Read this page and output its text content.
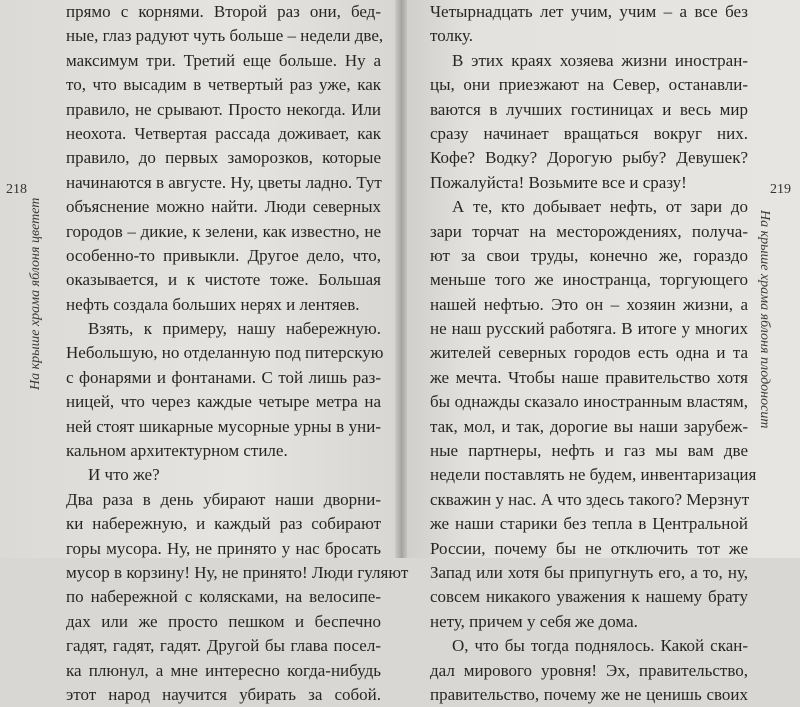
218
На крыше храма яблоня цветет
прямо с корнями. Второй раз они, бед-
ные, глаз радуют чуть больше – недели две,
максимум три. Третий еще больше. Ну а
то, что высадим в четвертый раз уже, как
правило, не срывают. Просто некогда. Или
неохота. Четвертая рассада доживает, как
правило, до первых заморозков, которые
начинаются в августе. Ну, цветы ладно. Тут
объяснение можно найти. Люди северных
городов – дикие, к зелени, как известно, не
особенно-то привыкли. Другое дело, что,
оказывается, и к чистоте тоже. Большая
нефть создала больших нерях и лентяев.
Взять, к примеру, нашу набережную.
Небольшую, но отделанную под питерскую
с фонарями и фонтанами. С той лишь раз-
ницей, что через каждые четыре метра на
ней стоят шикарные мусорные урны в уни-
кальном архитектурном стиле.
И что же?
Два раза в день убирают наши дворни-
ки набережную, и каждый раз собирают
горы мусора. Ну, не принято у нас бросать
мусор в корзину! Ну, не принято! Люди гуляют
по набережной с колясками, на велосипе-
дах или же просто пешком и беспечно
гадят, гадят, гадят. Другой бы глава посел-
ка плюнул, а мне интересно когда-нибудь
этот народ научится убирать за собой.
219
На крыше храма яблоня плодоносит
Четырнадцать лет учим, учим – а все без
толку.
В этих краях хозяева жизни иностран-
цы, они приезжают на Север, останавли-
ваются в лучших гостиницах и весь мир
сразу начинает вращаться вокруг них.
Кофе? Водку? Дорогую рыбу? Девушек?
Пожалуйста! Возьмите все и сразу!
А те, кто добывает нефть, от зари до
зари торчат на месторождениях, получа-
ют за свои труды, конечно же, гораздо
меньше того же иностранца, торгующего
нашей нефтью. Это он – хозяин жизни, а
не наш русский работяга. В итоге у многих
жителей северных городов есть одна и та
же мечта. Чтобы наше правительство хотя
бы однажды сказало иностранным властям,
так, мол, и так, дорогие вы наши зарубеж-
ные партнеры, нефть и газ мы вам две
недели поставлять не будем, инвентаризация
скважин у нас. А что здесь такого? Мерзнут
же наши старики без тепла в Центральной
России, почему бы не отключить тот же
Запад или хотя бы припугнуть его, а то, ну,
совсем никакого уважения к нашему брату
нету, причем у себя же дома.
О, что бы тогда поднялось. Какой скан-
дал мирового уровня! Эх, правительство,
правительство, почему же не ценишь своих
